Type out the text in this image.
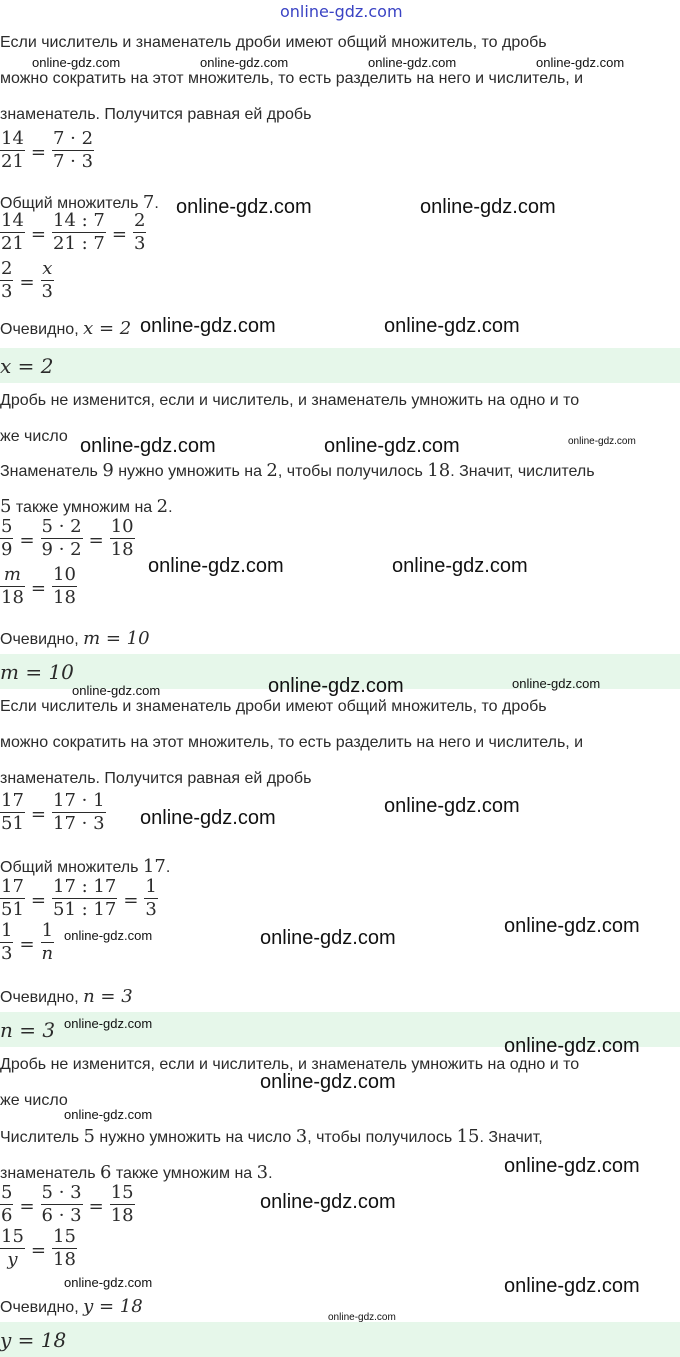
online-gdz.com
Если числитель и знаменатель дроби имеют общий множитель, то дробь
можно сократить на этот множитель, то есть разделить на него и числитель, и
знаменатель. Получится равная ей дробь
$\frac{14}{21} = \frac{7 \cdot 2}{7 \cdot 3}$
Общий множитель 7.
$\frac{14}{21} = \frac{14 : 7}{21 : 7} = \frac{2}{3}$
$\frac{2}{3} = \frac{x}{3}$
Очевидно, x = 2
x = 2
Дробь не изменится, если и числитель, и знаменатель умножить на одно и то
же число
Знаменатель 9 нужно умножить на 2, чтобы получилось 18. Значит, числитель
5 также умножим на 2.
$\frac{5}{9} = \frac{5 \cdot 2}{9 \cdot 2} = \frac{10}{18}$
$\frac{m}{18} = \frac{10}{18}$
Очевидно, m = 10
m = 10
Если числитель и знаменатель дроби имеют общий множитель, то дробь
можно сократить на этот множитель, то есть разделить на него и числитель, и
знаменатель. Получится равная ей дробь
$\frac{17}{51} = \frac{17 \cdot 1}{17 \cdot 3}$
Общий множитель 17.
$\frac{17}{51} = \frac{17 : 17}{51 : 17} = \frac{1}{3}$
$\frac{1}{3} = \frac{1}{n}$
Очевидно, n = 3
n = 3
Дробь не изменится, если и числитель, и знаменатель умножить на одно и то
же число
Числитель 5 нужно умножить на число 3, чтобы получилось 15. Значит,
знаменатель 6 также умножим на 3.
$\frac{5}{6} = \frac{5 \cdot 3}{6 \cdot 3} = \frac{15}{18}$
$\frac{15}{y} = \frac{15}{18}$
Очевидно, y = 18
y = 18
online-gdz.com	online-gdz.com	online-gdz.com	online-gdz.com
online-gdz.com	online-gdz.com
online-gdz.com	online-gdz.com
online-gdz.com	online-gdz.com	online-gdz.com
online-gdz.com	online-gdz.com
online-gdz.com	online-gdz.com	online-gdz.com
online-gdz.com
online-gdz.com
online-gdz.com
online-gdz.com	online-gdz.com
online-gdz.com
online-gdz.com
online-gdz.com
online-gdz.com
online-gdz.com
online-gdz.com
online-gdz.com	online-gdz.com
online-gdz.com
